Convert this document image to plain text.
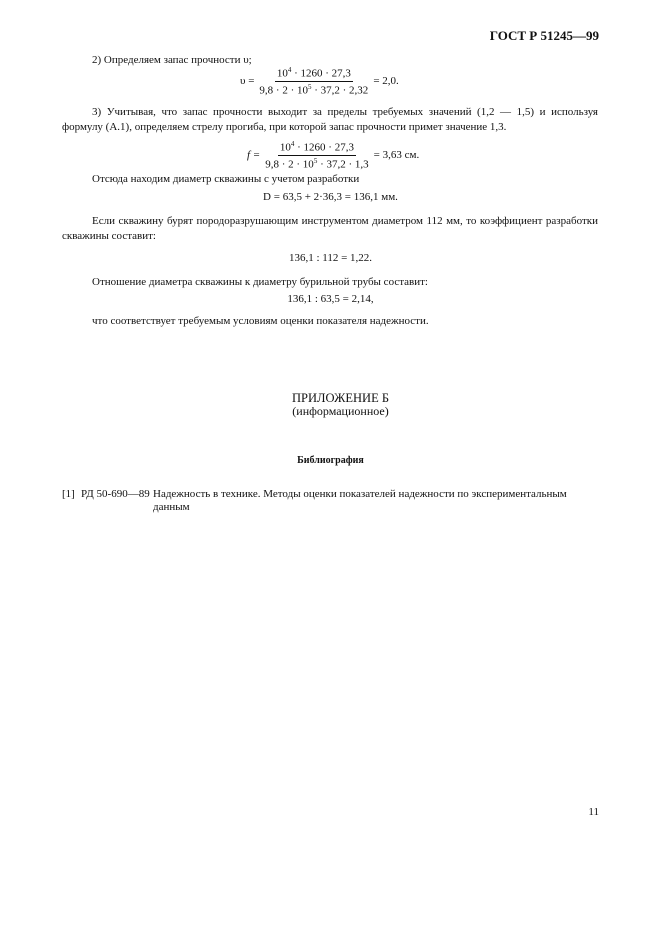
ГОСТ Р 51245—99
2) Определяем запас прочности υ;
$\upsilon = \frac{10^4 \cdot 1260 \cdot 27,3}{9,8 \cdot 2 \cdot 10^5 \cdot 37,2 \cdot 2,32} = 2,0$.
3) Учитывая, что запас прочности выходит за пределы требуемых значений (1,2 — 1,5) и используя формулу (А.1), определяем стрелу прогиба, при которой запас прочности примет значение 1,3.
$f = \frac{10^4 \cdot 1260 \cdot 27,3}{9,8 \cdot 2 \cdot 10^5 \cdot 37,2 \cdot 1,3} = 3,63$ см.
Отсюда находим диаметр скважины с учетом разработки
D = 63,5 + 2·36,3 = 136,1 мм.
Если скважину бурят породоразрушающим инструментом диаметром 112 мм, то коэффициент разработки скважины составит:
136,1 : 112 = 1,22.
Отношение диаметра скважины к диаметру бурильной трубы составит:
136,1 : 63,5 = 2,14,
что соответствует требуемым условиям оценки показателя надежности.
ПРИЛОЖЕНИЕ Б
(информационное)
Библиография
[1] РД 50-690—89 Надежность в технике. Методы оценки показателей надежности по экспериментальным данным
11
